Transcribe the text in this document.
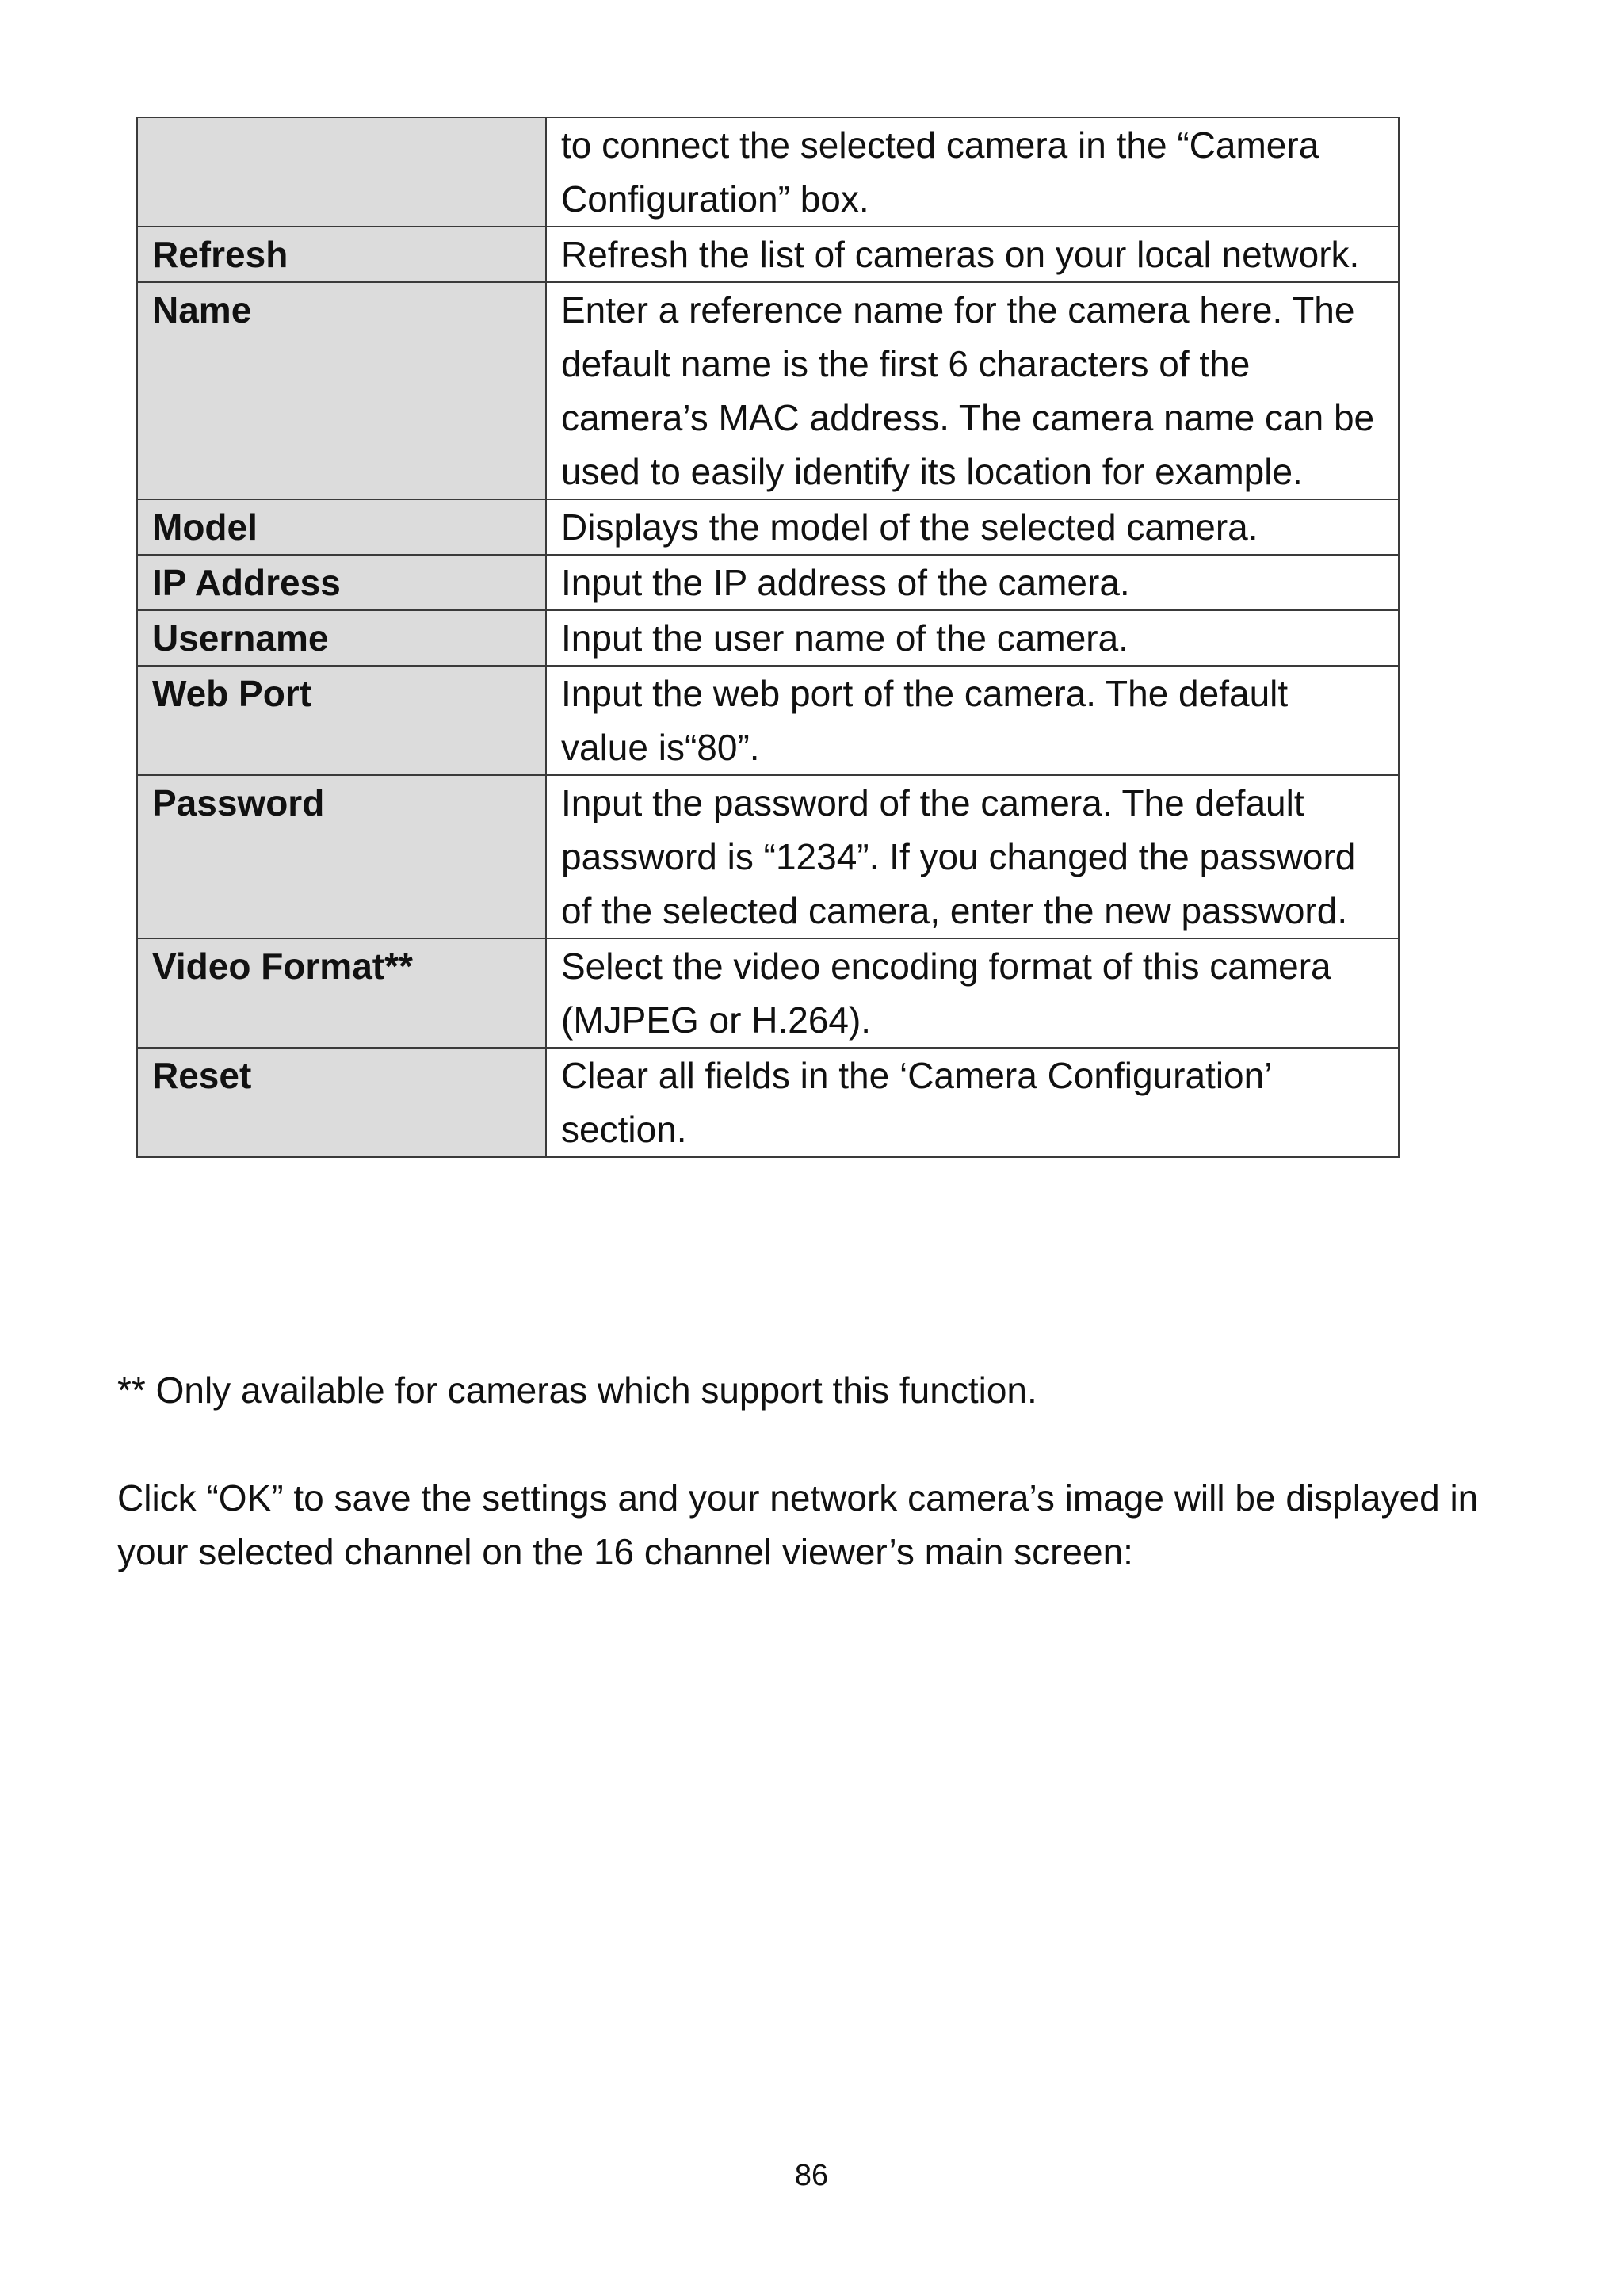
	to connect the selected camera in the “Camera Configuration” box.
Refresh	Refresh the list of cameras on your local network.
Name	Enter a reference name for the camera here. The default name is the first 6 characters of the camera’s MAC address. The camera name can be used to easily identify its location for example.
Model	Displays the model of the selected camera.
IP Address	Input the IP address of the camera.
Username	Input the user name of the camera.
Web Port	Input the web port of the camera. The default value is“80”.
Password	Input the password of the camera. The default password is “1234”. If you changed the password of the selected camera, enter the new password.
Video Format**	Select the video encoding format of this camera (MJPEG or H.264).
Reset	Clear all fields in the ‘Camera Configuration’ section.

** Only available for cameras which support this function.

Click “OK” to save the settings and your network camera’s image will be displayed in your selected channel on the 16 channel viewer’s main screen:

86
